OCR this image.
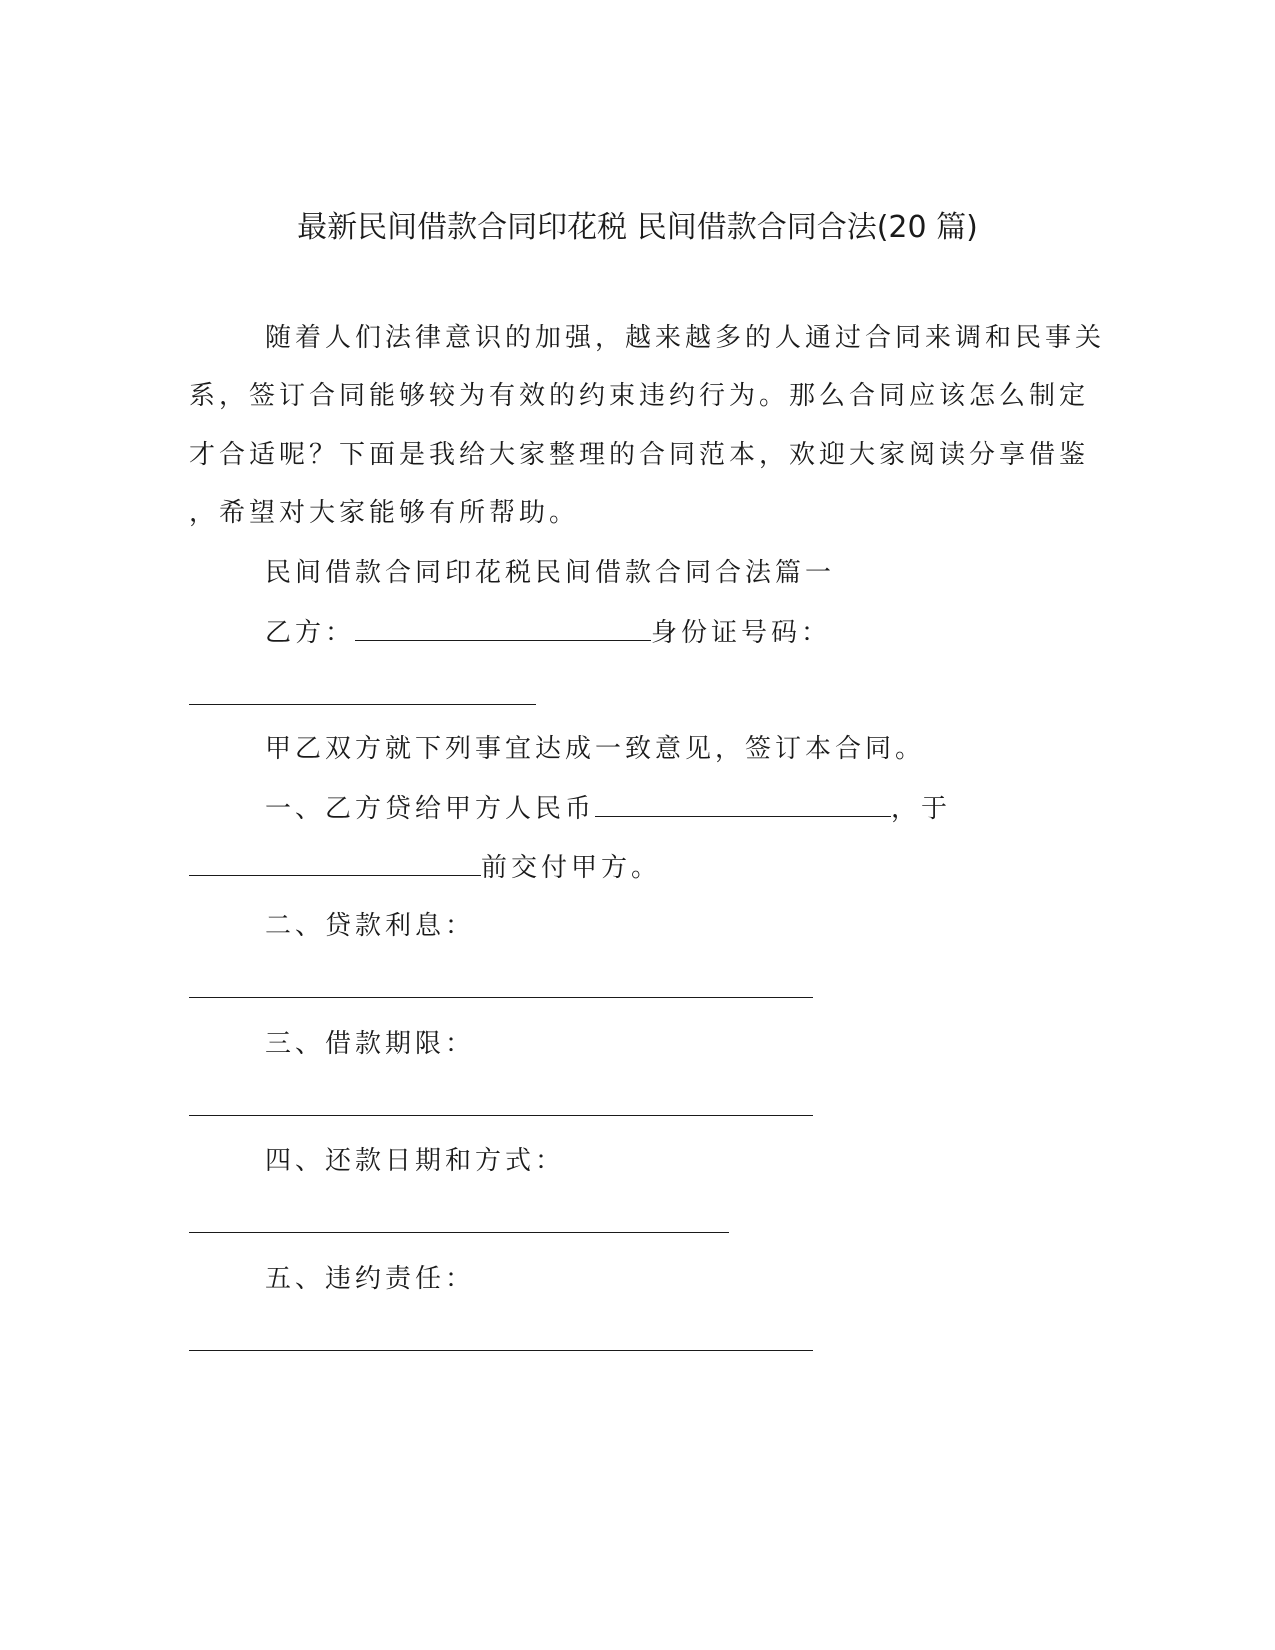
最新民间借款合同印花税 民间借款合同合法(20 篇)
随着人们法律意识的加强，越来越多的人通过合同来调和民事关
系，签订合同能够较为有效的约束违约行为。那么合同应该怎么制定
才合适呢？下面是我给大家整理的合同范本，欢迎大家阅读分享借鉴
，希望对大家能够有所帮助。
民间借款合同印花税民间借款合同合法篇一
乙方：	身份证号码：
甲乙双方就下列事宜达成一致意见，签订本合同。
一、乙方贷给甲方人民币	，于
前交付甲方。
二、贷款利息：
三、借款期限：
四、还款日期和方式：
五、违约责任：
